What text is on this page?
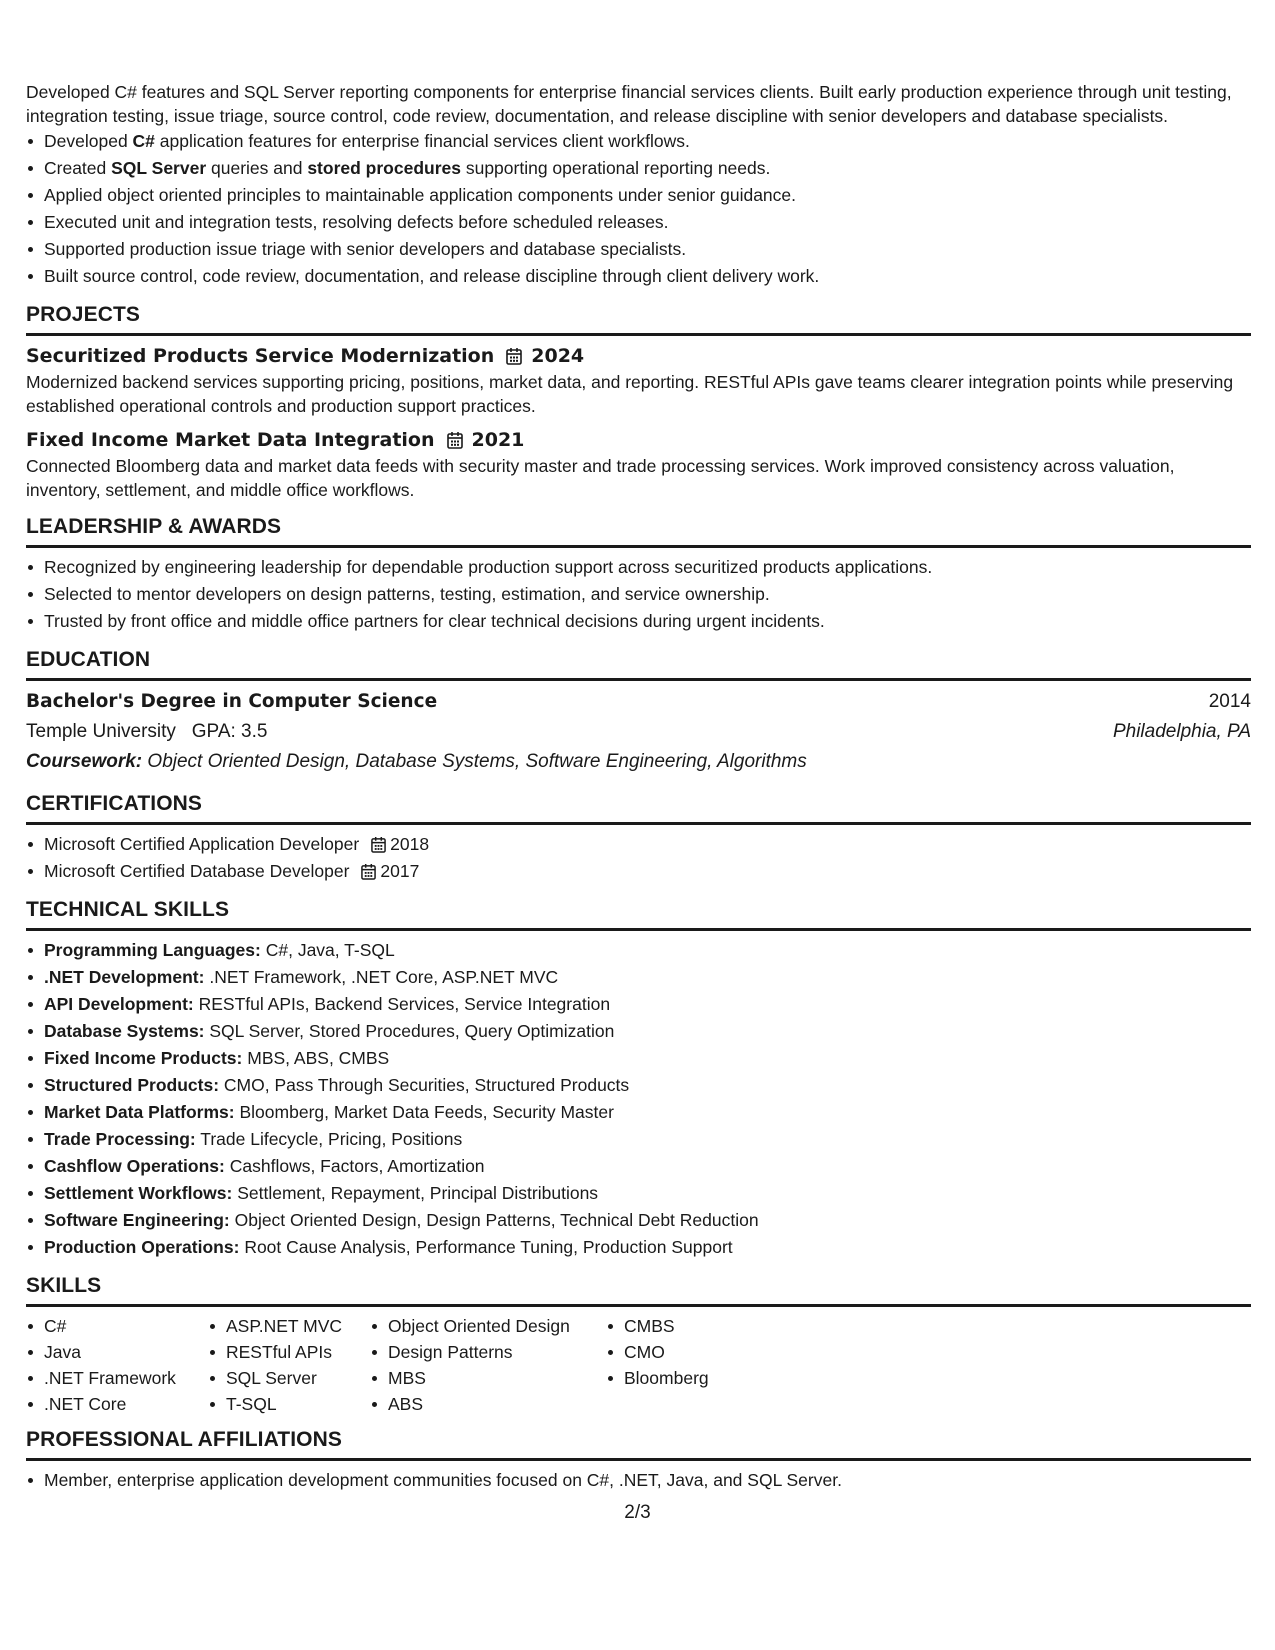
Developed C# features and SQL Server reporting components for enterprise financial services clients. Built early production experience through unit testing, integration testing, issue triage, source control, code review, documentation, and release discipline with senior developers and database specialists.

Developed C# application features for enterprise financial services client workflows.
Created SQL Server queries and stored procedures supporting operational reporting needs.
Applied object oriented principles to maintainable application components under senior guidance.
Executed unit and integration tests, resolving defects before scheduled releases.
Supported production issue triage with senior developers and database specialists.
Built source control, code review, documentation, and release discipline through client delivery work.
PROJECTS
Securitized Products Service Modernization 2024

Modernized backend services supporting pricing, positions, market data, and reporting. RESTful APIs gave teams clearer integration points while preserving established operational controls and production support practices.

Fixed Income Market Data Integration 2021

Connected Bloomberg data and market data feeds with security master and trade processing services. Work improved consistency across valuation, inventory, settlement, and middle office workflows.

LEADERSHIP & AWARDS
Recognized by engineering leadership for dependable production support across securitized products applications.
Selected to mentor developers on design patterns, testing, estimation, and service ownership.
Trusted by front office and middle office partners for clear technical decisions during urgent incidents.
EDUCATION
Bachelor's Degree in Computer Science	2014
Temple University GPA: 3.5	Philadelphia, PA
Coursework: Object Oriented Design, Database Systems, Software Engineering, Algorithms
CERTIFICATIONS
Microsoft Certified Application Developer 2018
Microsoft Certified Database Developer 2017
TECHNICAL SKILLS
Programming Languages: C#, Java, T-SQL
.NET Development: .NET Framework, .NET Core, ASP.NET MVC
API Development: RESTful APIs, Backend Services, Service Integration
Database Systems: SQL Server, Stored Procedures, Query Optimization
Fixed Income Products: MBS, ABS, CMBS
Structured Products: CMO, Pass Through Securities, Structured Products
Market Data Platforms: Bloomberg, Market Data Feeds, Security Master
Trade Processing: Trade Lifecycle, Pricing, Positions
Cashflow Operations: Cashflows, Factors, Amortization
Settlement Workflows: Settlement, Repayment, Principal Distributions
Software Engineering: Object Oriented Design, Design Patterns, Technical Debt Reduction
Production Operations: Root Cause Analysis, Performance Tuning, Production Support
SKILLS
C#
Java
.NET Framework
.NET Core
ASP.NET MVC
RESTful APIs
SQL Server
T-SQL
Object Oriented Design
Design Patterns
MBS
ABS
CMBS
CMO
Bloomberg
PROFESSIONAL AFFILIATIONS
Member, enterprise application development communities focused on C#, .NET, Java, and SQL Server.
2/3
